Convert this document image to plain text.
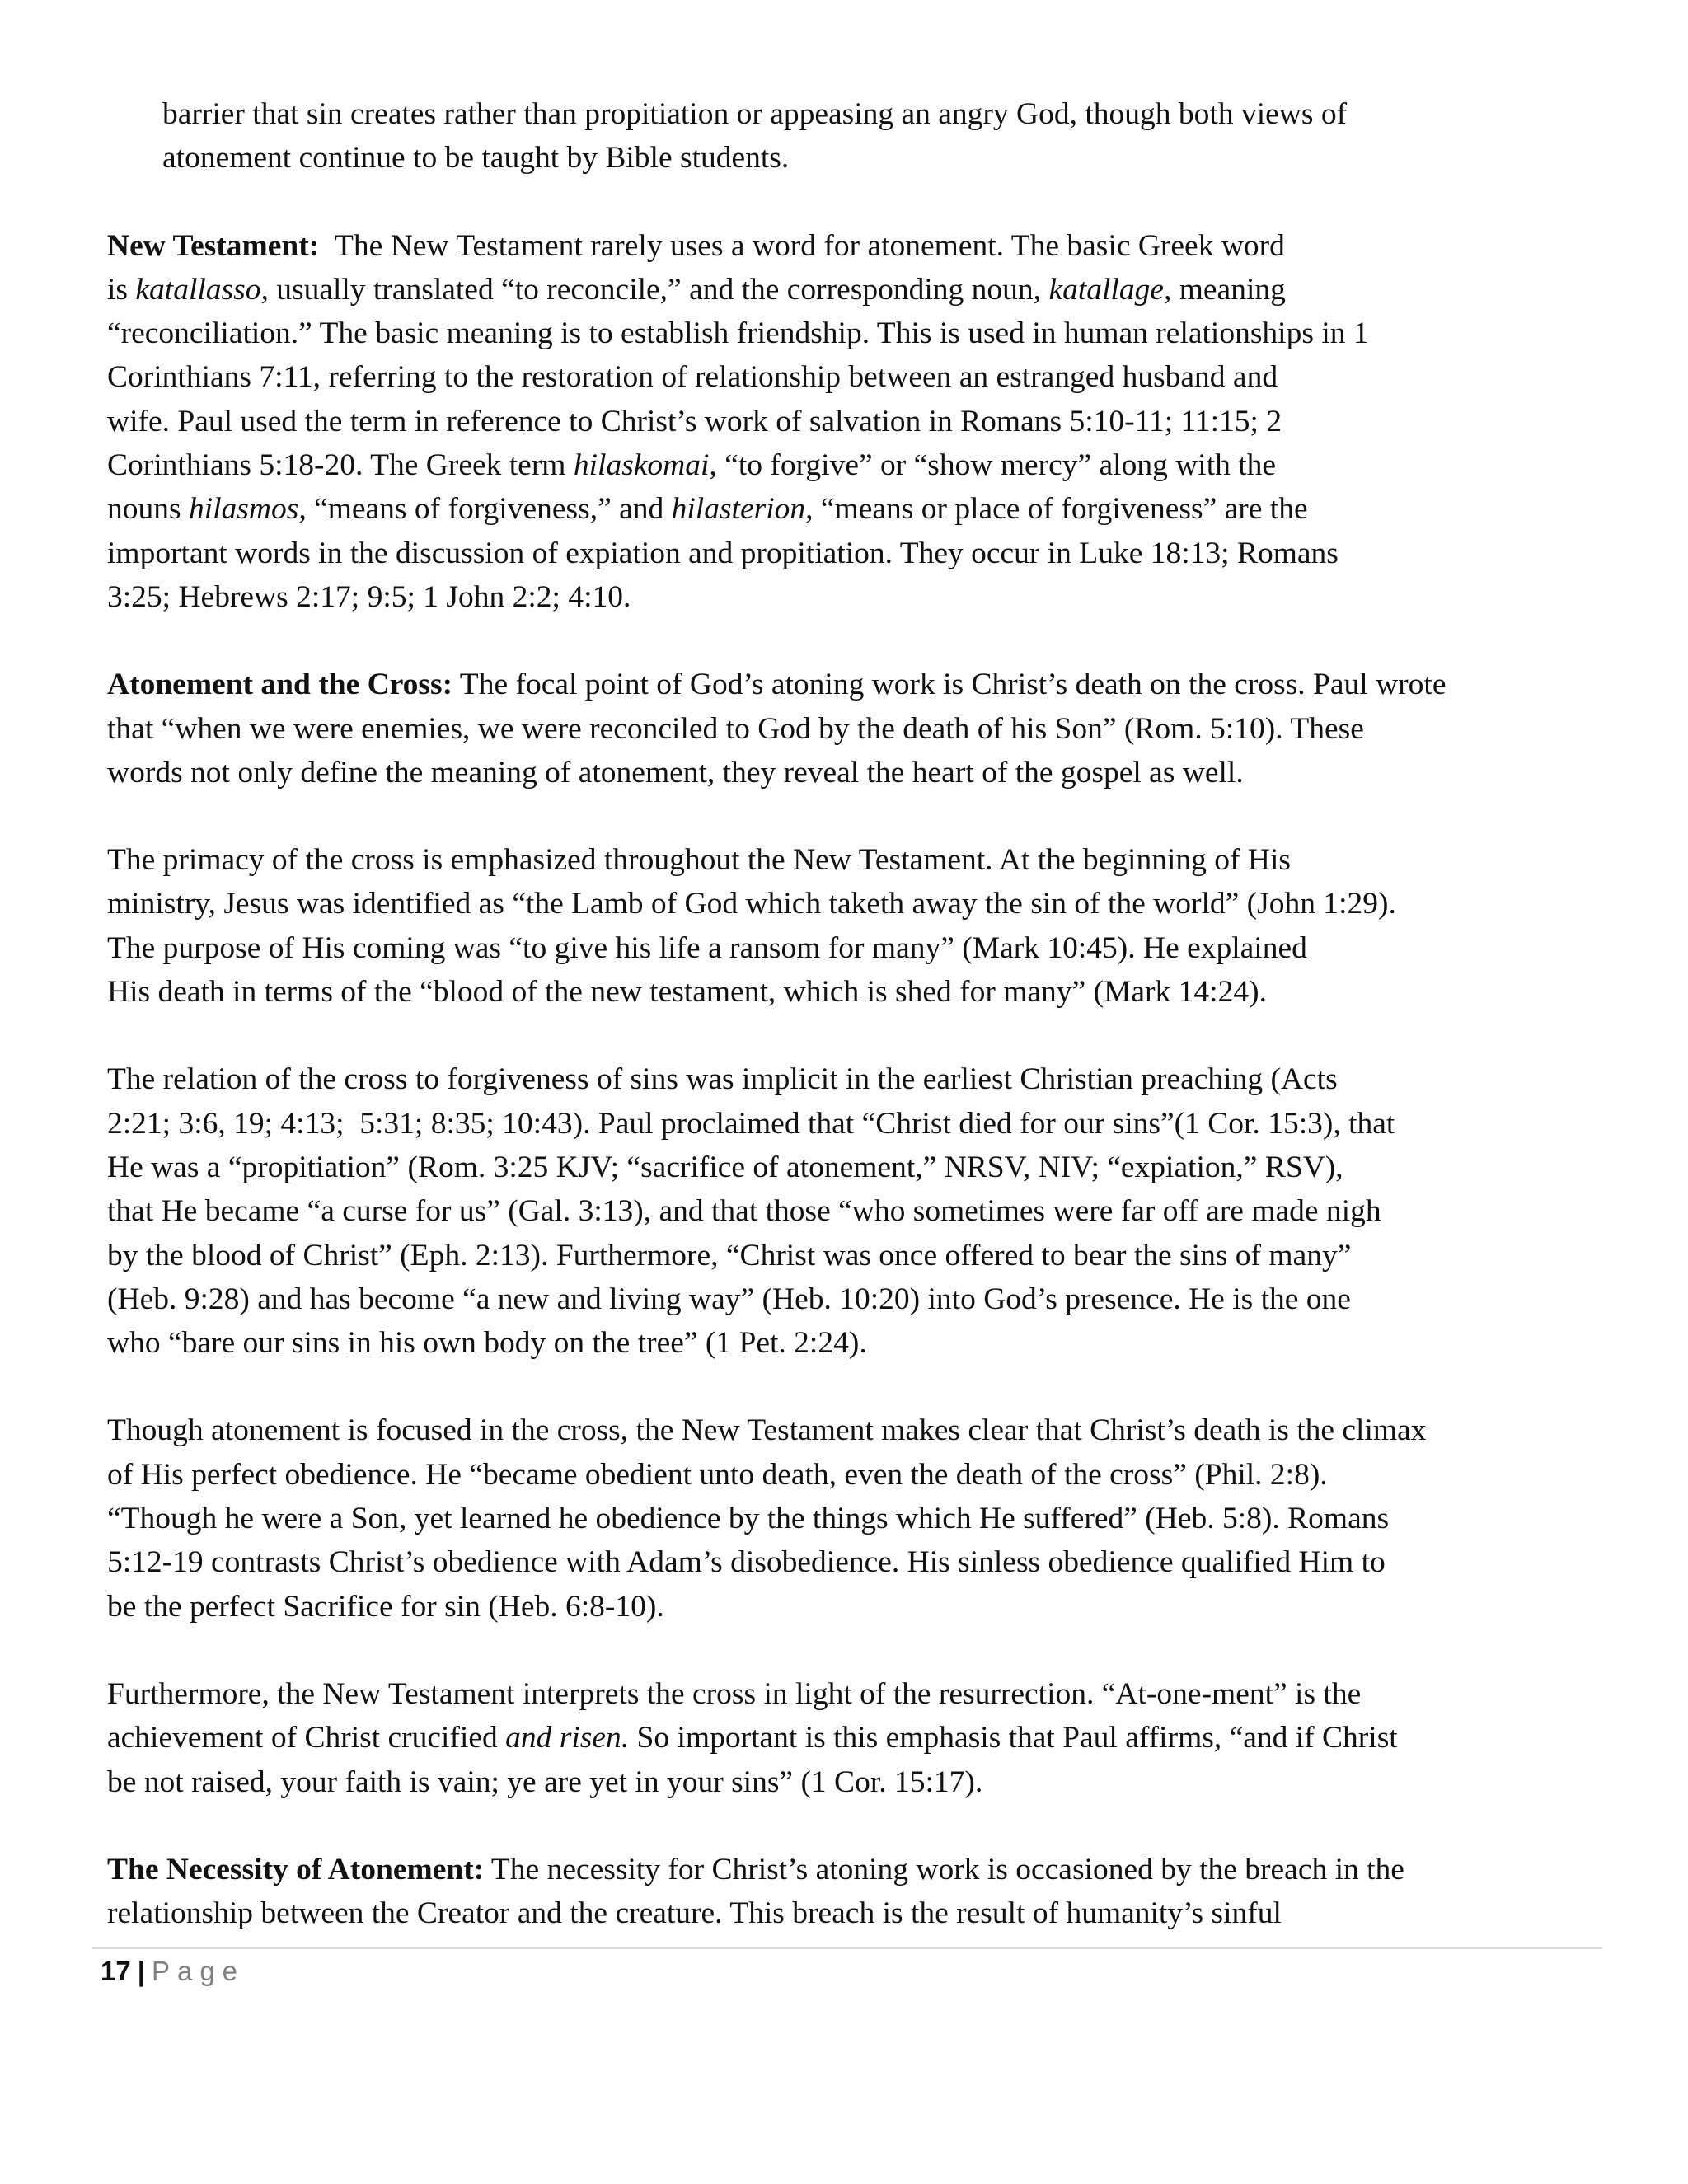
barrier that sin creates rather than propitiation or appeasing an angry God, though both views of
atonement continue to be taught by Bible students.

New Testament:  The New Testament rarely uses a word for atonement. The basic Greek word
is katallasso, usually translated “to reconcile,” and the corresponding noun, katallage, meaning
“reconciliation.” The basic meaning is to establish friendship. This is used in human relationships in 1
Corinthians 7:11, referring to the restoration of relationship between an estranged husband and
wife. Paul used the term in reference to Christ’s work of salvation in Romans 5:10-11; 11:15; 2
Corinthians 5:18-20. The Greek term hilaskomai, “to forgive” or “show mercy” along with the
nouns hilasmos, “means of forgiveness,” and hilasterion, “means or place of forgiveness” are the
important words in the discussion of expiation and propitiation. They occur in Luke 18:13; Romans
3:25; Hebrews 2:17; 9:5; 1 John 2:2; 4:10.

Atonement and the Cross: The focal point of God’s atoning work is Christ’s death on the cross. Paul wrote
that “when we were enemies, we were reconciled to God by the death of his Son” (Rom. 5:10). These
words not only define the meaning of atonement, they reveal the heart of the gospel as well.

The primacy of the cross is emphasized throughout the New Testament. At the beginning of His
ministry, Jesus was identified as “the Lamb of God which taketh away the sin of the world” (John 1:29).
The purpose of His coming was “to give his life a ransom for many” (Mark 10:45). He explained
His death in terms of the “blood of the new testament, which is shed for many” (Mark 14:24).

The relation of the cross to forgiveness of sins was implicit in the earliest Christian preaching (Acts
2:21; 3:6, 19; 4:13;  5:31; 8:35; 10:43). Paul proclaimed that “Christ died for our sins”(1 Cor. 15:3), that
He was a “propitiation” (Rom. 3:25 KJV; “sacrifice of atonement,” NRSV, NIV; “expiation,” RSV),
that He became “a curse for us” (Gal. 3:13), and that those “who sometimes were far off are made nigh
by the blood of Christ” (Eph. 2:13). Furthermore, “Christ was once offered to bear the sins of many”
(Heb. 9:28) and has become “a new and living way” (Heb. 10:20) into God’s presence. He is the one
who “bare our sins in his own body on the tree” (1 Pet. 2:24).

Though atonement is focused in the cross, the New Testament makes clear that Christ’s death is the climax
of His perfect obedience. He “became obedient unto death, even the death of the cross” (Phil. 2:8).
“Though he were a Son, yet learned he obedience by the things which He suffered” (Heb. 5:8). Romans
5:12-19 contrasts Christ’s obedience with Adam’s disobedience. His sinless obedience qualified Him to
be the perfect Sacrifice for sin (Heb. 6:8-10).

Furthermore, the New Testament interprets the cross in light of the resurrection. “At-one-ment” is the
achievement of Christ crucified and risen. So important is this emphasis that Paul affirms, “and if Christ
be not raised, your faith is vain; ye are yet in your sins” (1 Cor. 15:17).

The Necessity of Atonement: The necessity for Christ’s atoning work is occasioned by the breach in the
relationship between the Creator and the creature. This breach is the result of humanity’s sinful

17 | Page
